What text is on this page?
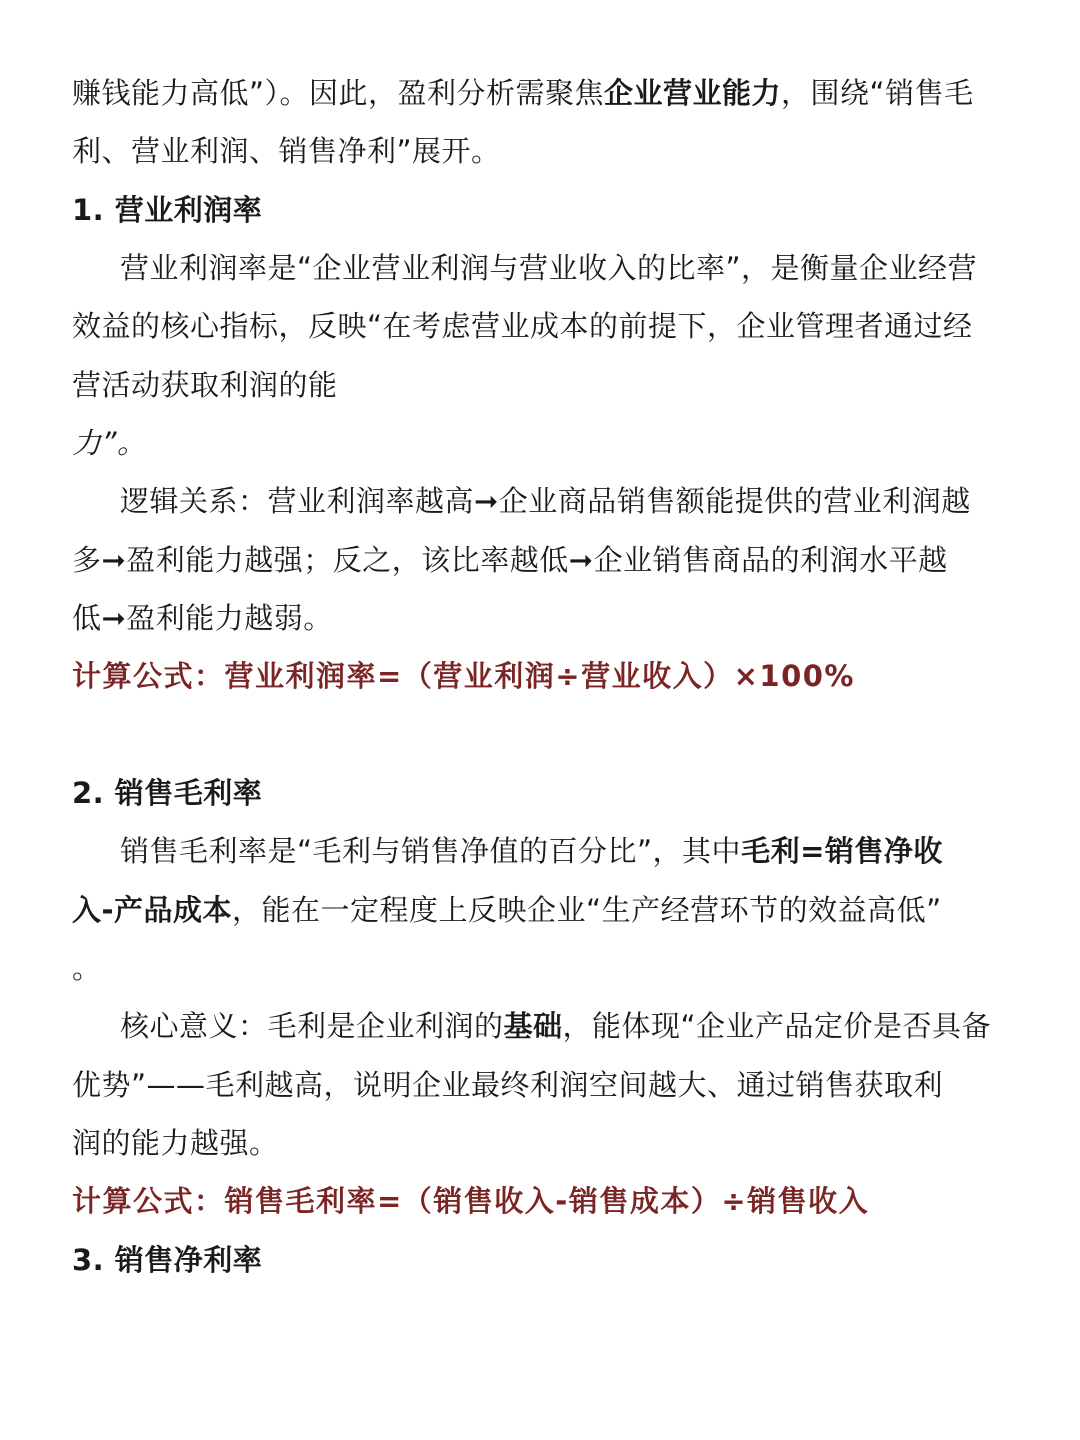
赚钱能力高低”）。因此，盈利分析需聚焦企业营业能力，围绕“销售毛
利、营业利润、销售净利”展开。
1. 营业利润率
营业利润率是“企业营业利润与营业收入的比率”，是衡量企业经营
效益的核心指标，反映“在考虑营业成本的前提下，企业管理者通过经
营活动获取利润的能
力”。
逻辑关系：营业利润率越高➞企业商品销售额能提供的营业利润越
多➞盈利能力越强；反之，该比率越低➞企业销售商品的利润水平越
低➞盈利能力越弱。
计算公式：营业利润率=（营业利润÷营业收入）×100%
2. 销售毛利率
销售毛利率是“毛利与销售净值的百分比”，其中毛利=销售净收
入-产品成本，能在一定程度上反映企业“生产经营环节的效益高低”
。
核心意义：毛利是企业利润的基础，能体现“企业产品定价是否具备
优势”——毛利越高，说明企业最终利润空间越大、通过销售获取利
润的能力越强。
计算公式：销售毛利率=（销售收入-销售成本）÷销售收入
3. 销售净利率
